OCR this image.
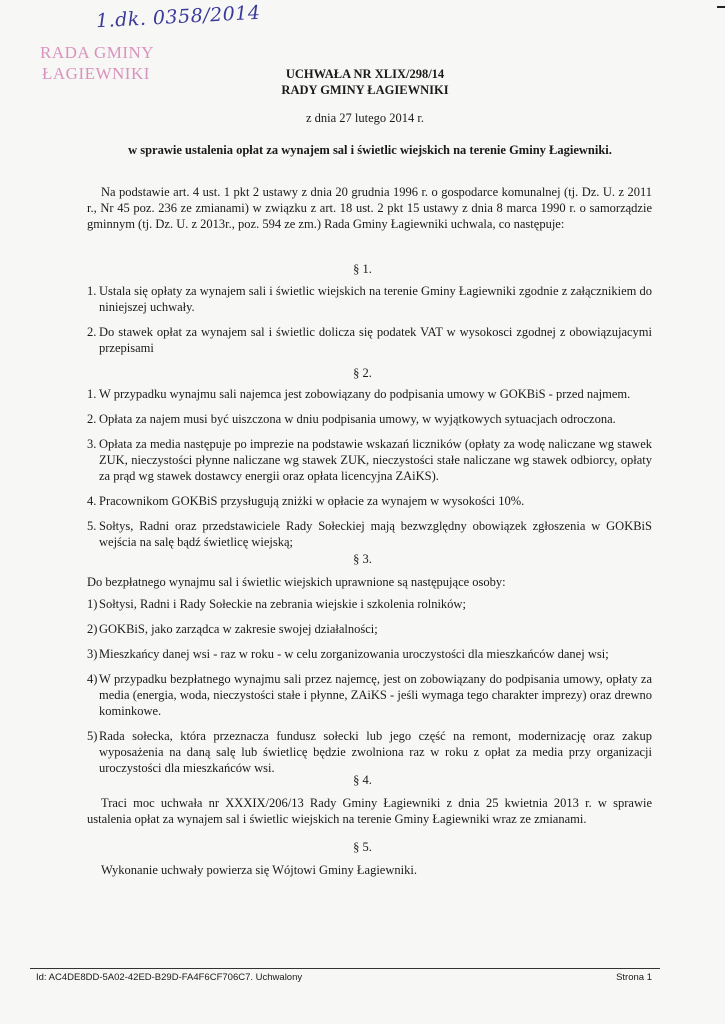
1.dk. 0358/2014
RADA GMINY
ŁAGIEWNIKI	UCHWAŁA NR XLIX/298/14
RADY GMINY ŁAGIEWNIKI
z dnia 27 lutego 2014 r.
w sprawie ustalenia opłat za wynajem sal i świetlic wiejskich na terenie Gminy Łagiewniki.
Na podstawie art. 4 ust. 1 pkt 2 ustawy z dnia 20 grudnia 1996 r. o gospodarce komunalnej (tj. Dz. U. z 2011 r., Nr 45 poz. 236 ze zmianami) w związku z art. 18 ust. 2 pkt 15 ustawy z dnia 8 marca 1990 r. o samorządzie gminnym (tj. Dz. U. z 2013r., poz. 594 ze zm.) Rada Gminy Łagiewniki uchwala, co następuje:
§ 1.
1. Ustala się opłaty za wynajem sali i świetlic wiejskich na terenie Gminy Łagiewniki zgodnie z załącznikiem do niniejszej uchwały.
2. Do stawek opłat za wynajem sal i świetlic dolicza się podatek VAT w wysokosci zgodnej z obowiązujacymi przepisami
§ 2.
1. W przypadku wynajmu sali najemca jest zobowiązany do podpisania umowy w GOKBiS - przed najmem.
2. Opłata za najem musi być uiszczona w dniu podpisania umowy, w wyjątkowych sytuacjach odroczona.
3. Opłata za media następuje po imprezie na podstawie wskazań liczników (opłaty za wodę naliczane wg stawek ZUK, nieczystości płynne naliczane wg stawek ZUK, nieczystości stałe naliczane wg stawek odbiorcy, opłaty za prąd wg stawek dostawcy energii oraz opłata licencyjna ZAiKS).
4. Pracownikom GOKBiS przysługują zniżki w opłacie za wynajem w wysokości 10%.
5. Sołtys, Radni oraz przedstawiciele Rady Sołeckiej mają bezwzględny obowiązek zgłoszenia w GOKBiS wejścia na salę bądź świetlicę wiejską;
§ 3.
Do bezpłatnego wynajmu sal i świetlic wiejskich uprawnione są następujące osoby:
1) Sołtysi, Radni i Rady Sołeckie na zebrania wiejskie i szkolenia rolników;
2) GOKBiS, jako zarządca w zakresie swojej działalności;
3) Mieszkańcy danej wsi - raz w roku - w celu zorganizowania uroczystości dla mieszkańców danej wsi;
4) W przypadku bezpłatnego wynajmu sali przez najemcę, jest on zobowiązany do podpisania umowy, opłaty za media (energia, woda, nieczystości stałe i płynne, ZAiKS - jeśli wymaga tego charakter imprezy) oraz drewno kominkowe.
5) Rada sołecka, która przeznacza fundusz sołecki lub jego część na remont, modernizację oraz zakup wyposażenia na daną salę lub świetlicę będzie zwolniona raz w roku z opłat za media przy organizacji uroczystości dla mieszkańców wsi.
§ 4.
Traci moc uchwała nr XXXIX/206/13 Rady Gminy Łagiewniki z dnia 25 kwietnia 2013 r. w sprawie ustalenia opłat za wynajem sal i świetlic wiejskich na terenie Gminy Łagiewniki wraz ze zmianami.
§ 5.
Wykonanie uchwały powierza się Wójtowi Gminy Łagiewniki.
Id: AC4DE8DD-5A02-42ED-B29D-FA4F6CF706C7. Uchwalony	Strona 1
